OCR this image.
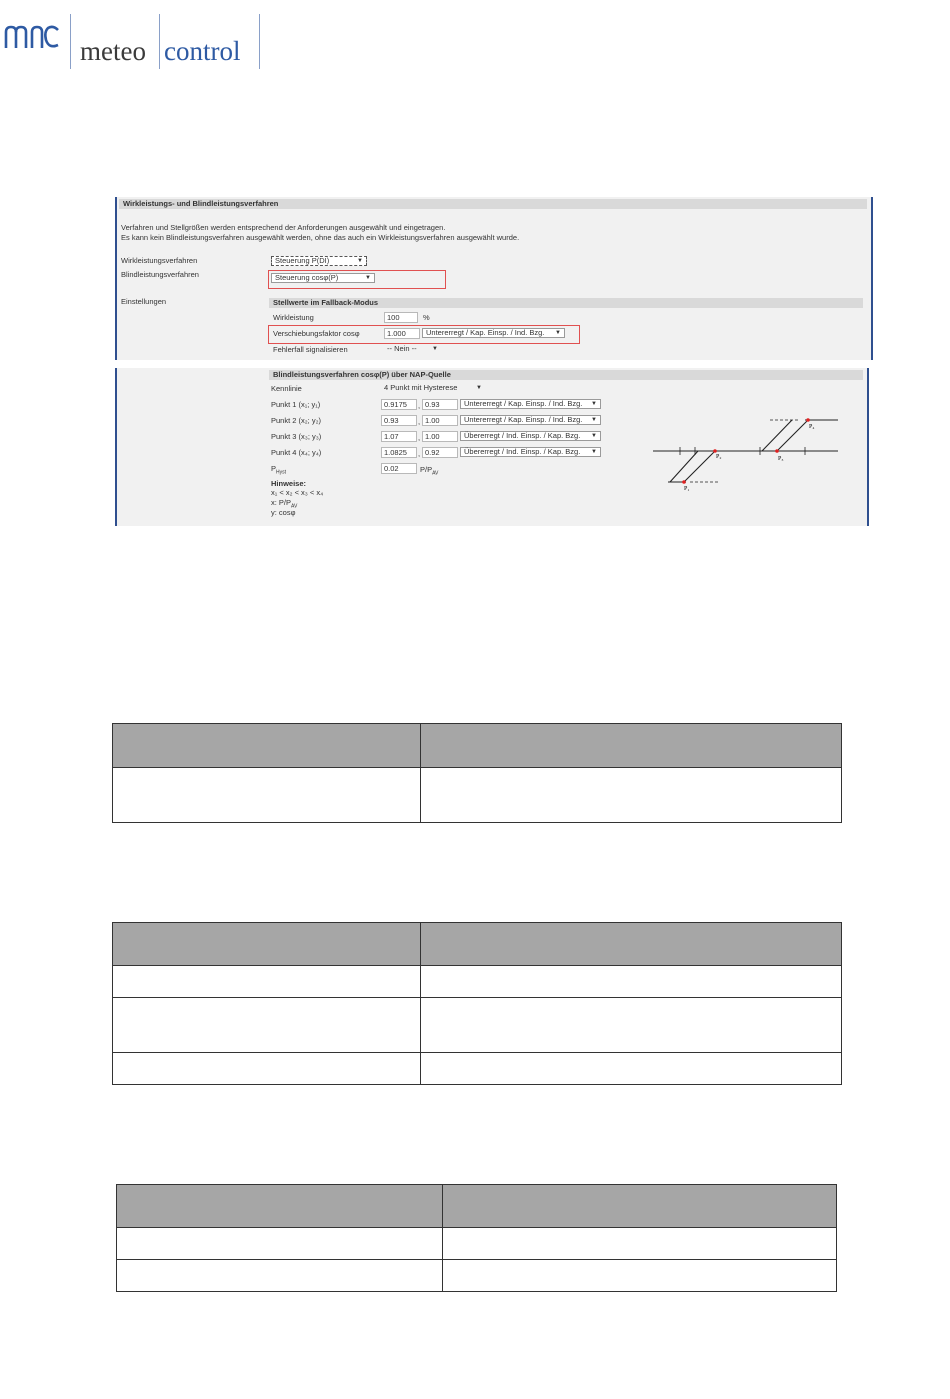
meteo control
Wirkleistungs- und Blindleistungsverfahren
Verfahren und Stellgrößen werden entsprechend der Anforderungen ausgewählt und eingetragen.
Es kann kein Blindleistungsverfahren ausgewählt werden, ohne das auch ein Wirkleistungsverfahren ausgewählt wurde.
Wirkleistungsverfahren	Steuerung P(DI)	▼
Blindleistungsverfahren	Steuerung cosφ(P)	▼
Einstellungen	Stellwerte im Fallback-Modus
Wirkleistung	100	%
Verschiebungsfaktor cosφ	1.000	Untererregt / Kap. Einsp. / Ind. Bzg. ▼
Fehlerfall signalisieren	-- Nein --	▼
Blindleistungsverfahren cosφ(P) über NAP-Quelle
Kennlinie	4 Punkt mit Hysterese	▼
Punkt 1 (x₁; y₁)	0.9175	, 0.93	Untererregt / Kap. Einsp. / Ind. Bzg. ▼
Punkt 2 (x₂; y₂)	0.93	, 1.00	Untererregt / Kap. Einsp. / Ind. Bzg. ▼
Punkt 3 (x₃; y₃)	1.07	, 1.00	Übererregt / Ind. Einsp. / Kap. Bzg. ▼
Punkt 4 (x₄; y₄)	1.0825	, 0.92	Übererregt / Ind. Einsp. / Kap. Bzg. ▼
$P_{Hyst}$	0.02	$P/P_{AV}$
Hinweise:
x₁ < x₂ < x₃ < x₄
x: $P/P_{AV}$
y: cosφ
P₁
P₂	P₃
P₄
